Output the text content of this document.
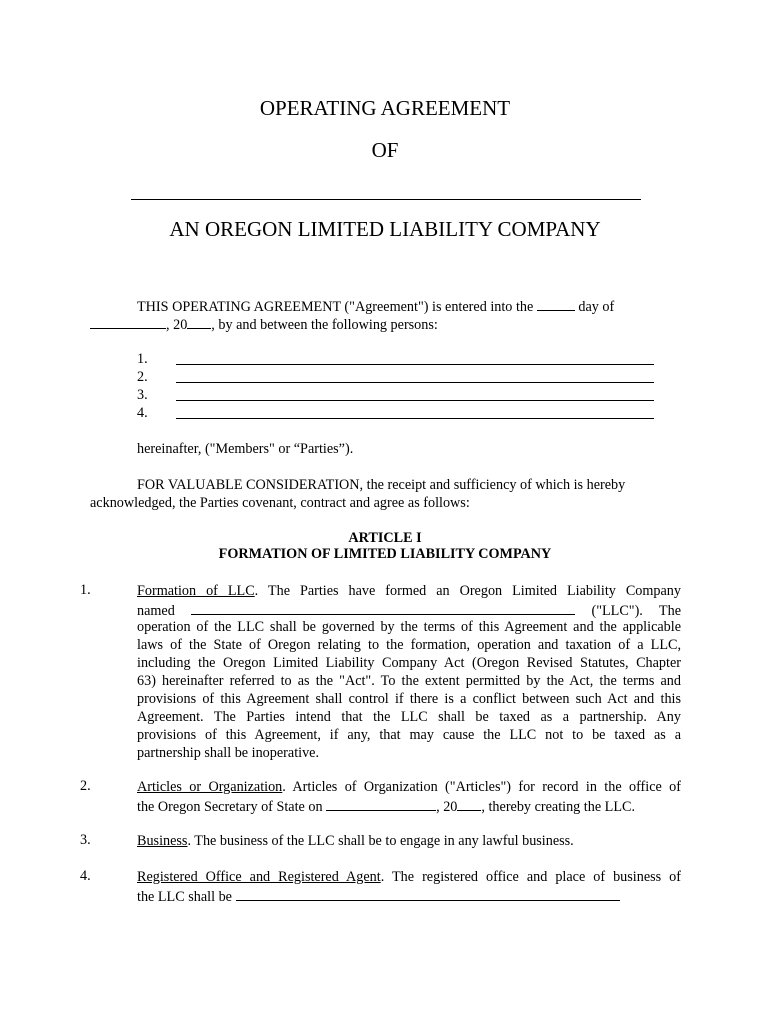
OPERATING AGREEMENT
OF
AN OREGON LIMITED LIABILITY COMPANY
THIS OPERATING AGREEMENT ("Agreement") is entered into the	day of
, 20 , by and between the following persons:
1.
2.
3.
4.
hereinafter, ("Members" or “Parties”).
FOR VALUABLE CONSIDERATION, the receipt and sufficiency of which is hereby
acknowledged, the Parties covenant, contract and agree as follows:
ARTICLE I
FORMATION OF LIMITED LIABILITY COMPANY
1.	Formation of LLC. The Parties have formed an Oregon Limited Liability Company
named	("LLC"). The
operation of the LLC shall be governed by the terms of this Agreement and the applicable
laws of the State of Oregon relating to the formation, operation and taxation of a LLC,
including the Oregon Limited Liability Company Act (Oregon Revised Statutes, Chapter
63) hereinafter referred to as the "Act". To the extent permitted by the Act, the terms and
provisions of this Agreement shall control if there is a conflict between such Act and this
Agreement. The Parties intend that the LLC shall be taxed as a partnership. Any
provisions of this Agreement, if any, that may cause the LLC not to be taxed as a
partnership shall be inoperative.
2.	Articles or Organization. Articles of Organization ("Articles") for record in the office of
the Oregon Secretary of State on	, 20 , thereby creating the LLC.
3.	Business. The business of the LLC shall be to engage in any lawful business.
4.	Registered Office and Registered Agent. The registered office and place of business of
the LLC shall be
